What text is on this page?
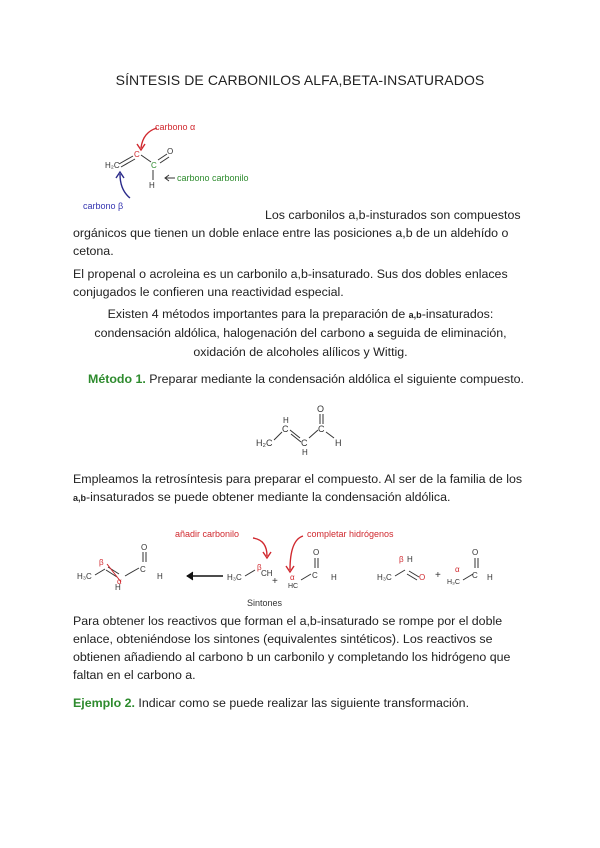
SÍNTESIS DE CARBONILOS ALFA,BETA-INSATURADOS
carbono α
H₂C
C
C
O
H
carbono carbonilo
carbono β
Los carbonilos a,b-insturados son compuestos
orgánicos que tienen un doble enlace entre las posiciones a,b de un aldehído o cetona.
El propenal o acroleina es un carbonilo a,b-insaturado. Sus dos dobles enlaces conjugados le confieren una reactividad especial.
Existen 4 métodos importantes para la preparación de a,b-insaturados:
condensación aldólica, halogenación del carbono a seguida de eliminación,
oxidación de alcoholes alílicos y Wittig.
Método 1. Preparar mediante la condensación aldólica el siguiente compuesto.
H₂C
C
H
C
H
C
O
H
Empleamos la retrosíntesis para preparar el compuesto. Al ser de la familia de los
a,b-insaturados se puede obtener mediante la condensación aldólica.
H₃C
β
α
C
O
H
H
añadir carbonilo	completar hidrógenos
H₃C
β
CH
+ α
HC
C
O
H
Sintones
H₃C
β H
O +
α
H₃C
C
O
H
Para obtener los reactivos que forman el a,b-insaturado se rompe por el doble enlace, obteniéndose los sintones (equivalentes sintéticos). Los reactivos se obtienen añadiendo al carbono b un carbonilo y completando los hidrógeno que faltan en el carbono a.
Ejemplo 2. Indicar como se puede realizar las siguiente transformación.
